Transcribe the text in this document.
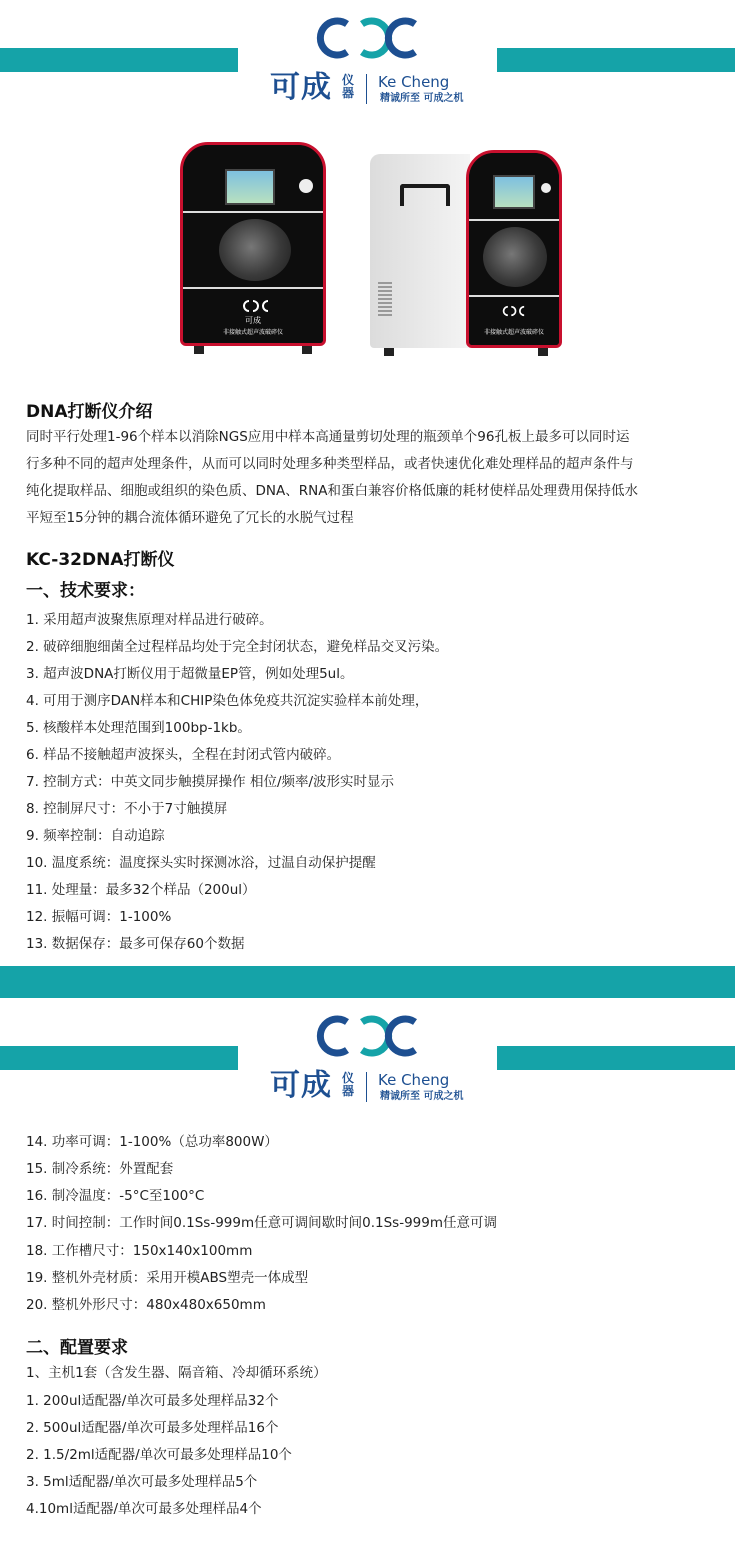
可成 仪器
Ke Cheng
精诚所至 可成之机
可成
非接触式超声波破碎仪	非接触式超声波破碎仪
DNA打断仪介绍
同时平行处理1-96个样本以消除NGS应用中样本高通量剪切处理的瓶颈单个96孔板上最多可以同时运
行多种不同的超声处理条件，从而可以同时处理多种类型样品，或者快速优化难处理样品的超声条件与
纯化提取样品、细胞或组织的染色质、DNA、RNA和蛋白兼容价格低廉的耗材使样品处理费用保持低水
平短至15分钟的耦合流体循环避免了冗长的水脱气过程
KC-32DNA打断仪
一、技术要求：
1. 采用超声波聚焦原理对样品进行破碎。
2. 破碎细胞细菌全过程样品均处于完全封闭状态，避免样品交叉污染。
3. 超声波DNA打断仪用于超微量EP管，例如处理5ul。
4. 可用于测序DAN样本和CHIP染色体免疫共沉淀实验样本前处理，
5. 核酸样本处理范围到100bp-1kb。
6. 样品不接触超声波探头，全程在封闭式管内破碎。
7. 控制方式：中英文同步触摸屏操作 相位/频率/波形实时显示
8. 控制屏尺寸：不小于7寸触摸屏
9. 频率控制：自动追踪
10. 温度系统：温度探头实时探测冰浴，过温自动保护提醒
11. 处理量：最多32个样品（200ul）
12. 振幅可调：1-100%
13. 数据保存：最多可保存60个数据
可成 仪器
Ke Cheng
精诚所至 可成之机
14. 功率可调：1-100%（总功率800W）
15. 制冷系统：外置配套
16. 制冷温度：-5°C至100°C
17. 时间控制：工作时间0.1Ss-999m任意可调间歇时间0.1Ss-999m任意可调
18. 工作槽尺寸：150x140x100mm
19. 整机外壳材质：采用开模ABS塑壳一体成型
20. 整机外形尺寸：480x480x650mm
二、配置要求
1、主机1套（含发生器、隔音箱、冷却循环系统）
1. 200ul适配器/单次可最多处理样品32个
2. 500ul适配器/单次可最多处理样品16个
2. 1.5/2ml适配器/单次可最多处理样品10个
3. 5ml适配器/单次可最多处理样品5个
4.10ml适配器/单次可最多处理样品4个
